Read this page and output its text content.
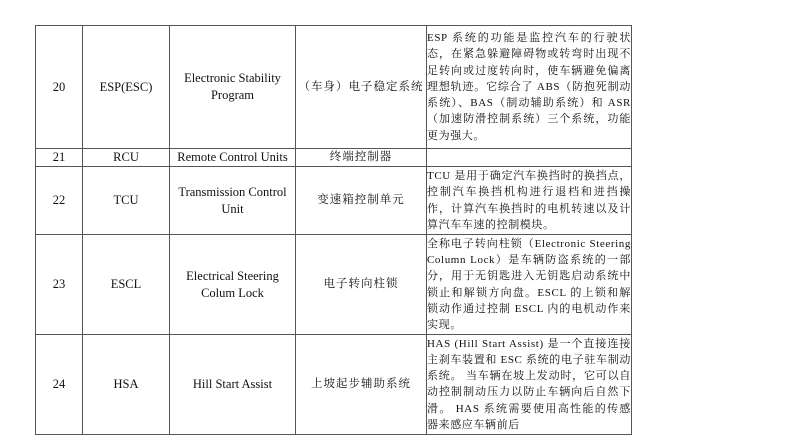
20	ESP(ESC)	Electronic Stability Program	（车身）电子稳定系统	ESP 系统的功能是监控汽车的行驶状态，在紧急躲避障碍物或转弯时出现不足转向或过度转向时，使车辆避免偏离理想轨迹。它综合了 ABS（防抱死制动系统）、BAS（制动辅助系统）和 ASR（加速防滑控制系统）三个系统，功能更为强大。
21	RCU	Remote Control Units	终端控制器	
22	TCU	Transmission Control Unit	变速箱控制单元	TCU 是用于确定汽车换挡时的换挡点，控制汽车换挡机构进行退档和进挡操作，计算汽车换挡时的电机转速以及计算汽车车速的控制模块。
23	ESCL	Electrical Steering Colum Lock	电子转向柱锁	全称电子转向柱锁（Electronic Steering Column Lock）是车辆防盗系统的一部分，用于无钥匙进入无钥匙启动系统中锁止和解锁方向盘。ESCL 的上锁和解锁动作通过控制 ESCL 内的电机动作来实现。
24	HSA	Hill Start Assist	上坡起步辅助系统	HAS (Hill Start Assist) 是一个直接连接主刹车装置和 ESC 系统的电子驻车制动系统。 当车辆在坡上发动时，它可以自动控制制动压力以防止车辆向后自然下滑。 HAS 系统需要使用高性能的传感器来感应车辆前后
